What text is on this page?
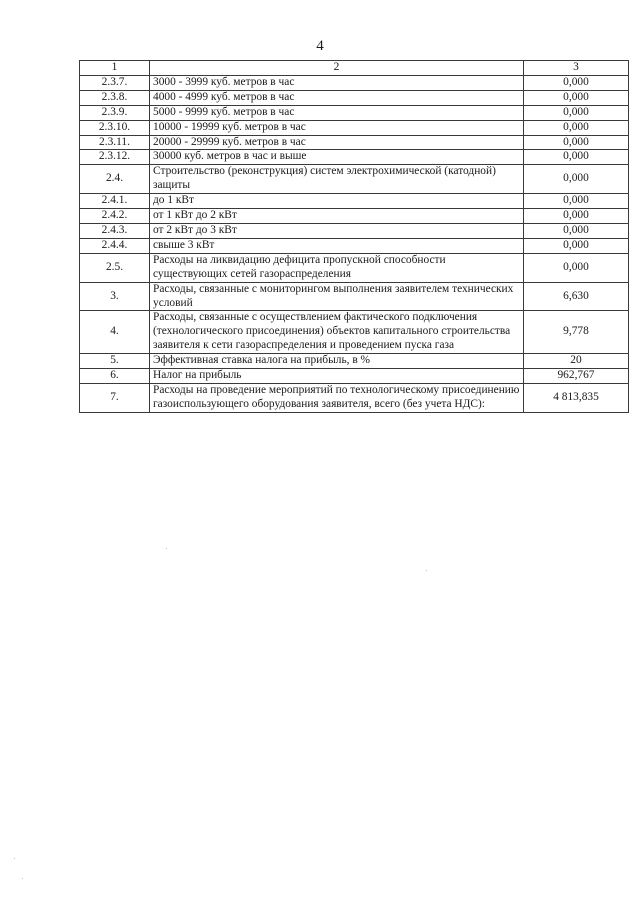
4
1	2	3
2.3.7.	3000 - 3999 куб. метров в час	0,000
2.3.8.	4000 - 4999 куб. метров в час	0,000
2.3.9.	5000 - 9999 куб. метров в час	0,000
2.3.10.	10000 - 19999 куб. метров в час	0,000
2.3.11.	20000 - 29999 куб. метров в час	0,000
2.3.12.	30000 куб. метров в час и выше	0,000
2.4.	Строительство (реконструкция) систем электрохимической (катодной) защиты	0,000
2.4.1.	до 1 кВт	0,000
2.4.2.	от 1 кВт до 2 кВт	0,000
2.4.3.	от 2 кВт до 3 кВт	0,000
2.4.4.	свыше 3 кВт	0,000
2.5.	Расходы на ликвидацию дефицита пропускной способности существующих сетей газораспределения	0,000
3.	Расходы, связанные с мониторингом выполнения заявителем технических условий	6,630
4.	Расходы, связанные с осуществлением фактического подключения (технологического присоединения) объектов капитального строительства заявителя к сети газораспределения и проведением пуска газа	9,778
5.	Эффективная ставка налога на прибыль, в %	20
6.	Налог на прибыль	962,767
7.	Расходы на проведение мероприятий по технологическому присоединению газоиспользующего оборудования заявителя, всего (без учета НДС):	4 813,835
